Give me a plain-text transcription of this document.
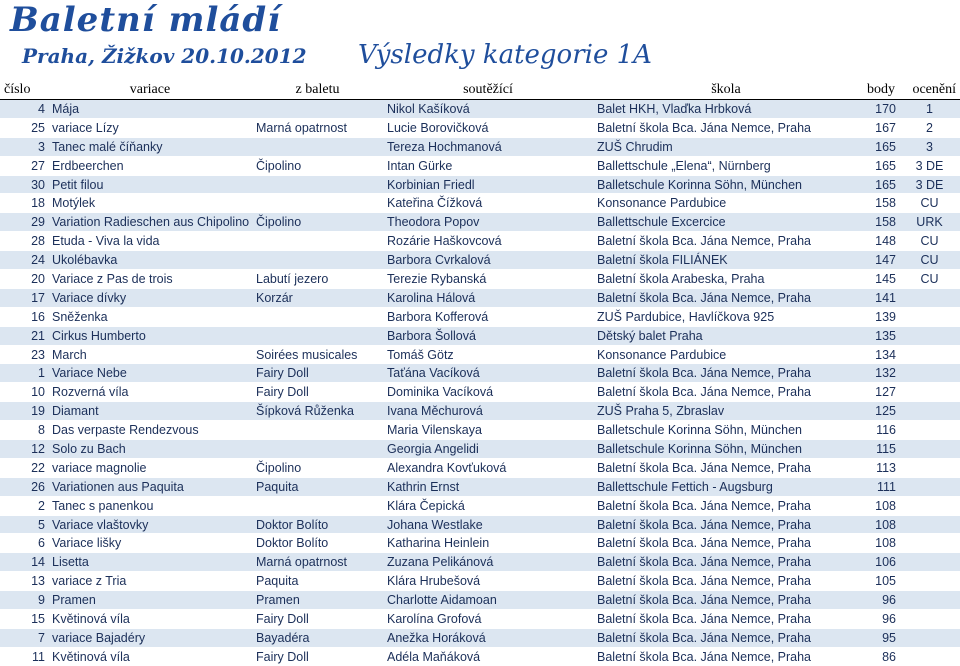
Baletní mládí
Praha, Žižkov 20.10.2012 Výsledky kategorie 1A
číslo	variace	z baletu	soutěžící	škola	body	ocenění
4	Mája		Nikol Kašíková	Balet HKH, Vlaďka Hrbková	170	1
25	variace Lízy	Marná opatrnost	Lucie Borovičková	Baletní škola Bca. Jána Nemce, Praha	167	2
3	Tanec malé číňanky		Tereza Hochmanová	ZUŠ Chrudim	165	3
27	Erdbeerchen	Čipolino	Intan Gürke	Ballettschule „Elena“, Nürnberg	165	3 DE
30	Petit filou		Korbinian Friedl	Balletschule Korinna Söhn, München	165	3 DE
18	Motýlek		Kateřina Čížková	Konsonance Pardubice	158	CU
29	Variation Radieschen aus Chipolino	Čipolino	Theodora Popov	Ballettschule Excercice	158	URK
28	Etuda - Viva la vida		Rozárie Haškovcová	Baletní škola Bca. Jána Nemce, Praha	148	CU
24	Ukolébavka		Barbora Cvrkalová	Baletní škola FILIÁNEK	147	CU
20	Variace z Pas de trois	Labutí jezero	Terezie Rybanská	Baletní škola Arabeska, Praha	145	CU
17	Variace dívky	Korzár	Karolina Hálová	Baletní škola Bca. Jána Nemce, Praha	141	
16	Sněženka		Barbora Kofferová	ZUŠ Pardubice, Havlíčkova 925	139	
21	Cirkus Humberto		Barbora Šollová	Dětský balet Praha	135	
23	March	Soirées musicales	Tomáš Götz	Konsonance Pardubice	134	
1	Variace Nebe	Fairy Doll	Taťána Vacíková	Baletní škola Bca. Jána Nemce, Praha	132	
10	Rozverná víla	Fairy Doll	Dominika Vacíková	Baletní škola Bca. Jána Nemce, Praha	127	
19	Diamant	Šípková Růženka	Ivana Měchurová	ZUŠ Praha 5, Zbraslav	125	
8	Das verpaste Rendezvous		Maria Vilenskaya	Balletschule Korinna Söhn, München	116	
12	Solo zu Bach		Georgia Angelidi	Balletschule Korinna Söhn, München	115	
22	variace magnolie	Čipolino	Alexandra Kovťuková	Baletní škola Bca. Jána Nemce, Praha	113	
26	Variationen aus Paquita	Paquita	Kathrin Ernst	Ballettschule Fettich - Augsburg	111	
2	Tanec s panenkou		Klára Čepická	Baletní škola Bca. Jána Nemce, Praha	108	
5	Variace vlaštovky	Doktor Bolíto	Johana Westlake	Baletní škola Bca. Jána Nemce, Praha	108	
6	Variace lišky	Doktor Bolíto	Katharina Heinlein	Baletní škola Bca. Jána Nemce, Praha	108	
14	Lisetta	Marná opatrnost	Zuzana Pelikánová	Baletní škola Bca. Jána Nemce, Praha	106	
13	variace z Tria	Paquita	Klára Hrubešová	Baletní škola Bca. Jána Nemce, Praha	105	
9	Pramen	Pramen	Charlotte Aidamoan	Baletní škola Bca. Jána Nemce, Praha	96	
15	Květinová víla	Fairy Doll	Karolína Grofová	Baletní škola Bca. Jána Nemce, Praha	96	
7	variace Bajadéry	Bayadéra	Anežka Horáková	Baletní škola Bca. Jána Nemce, Praha	95	
11	Květinová víla	Fairy Doll	Adéla Maňáková	Baletní škola Bca. Jána Nemce, Praha	86	
